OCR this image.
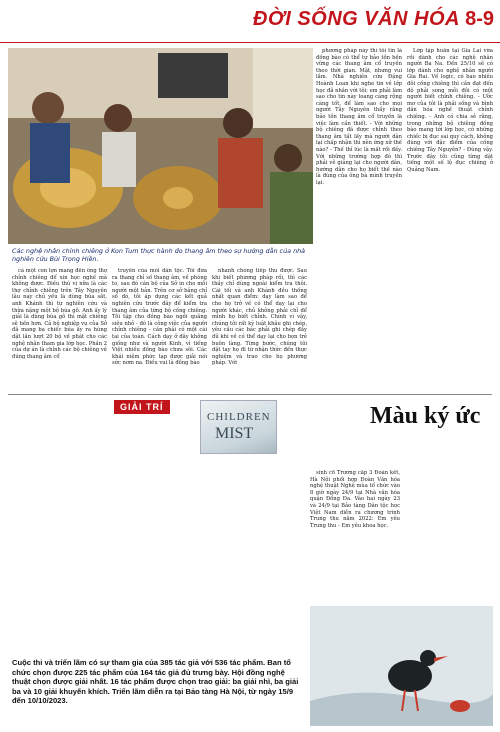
ĐỜI SỐNG VĂN HÓA 8-9
Các nghệ nhân chỉnh chiêng ở Kon Tum thực hành đo thang âm theo sự hướng dẫn của nhà nghiên cứu Bùi Trọng Hiền.

cả một con lợn mang đến ông thợ chỉnh chiêng để xin học nghề mà không được. Điều thú vị nữa là các thợ chỉnh chiêng trên Tây Nguyên lâu nay chủ yếu là dùng búa sắt, anh Khánh thì tự nghiên cứu và thừa nặng một bộ búa gỗ. Anh ấy lý giải là dùng búa gỗ thì mặt chiêng sẽ bền hơn. Cả bộ nghiệp vụ của Sở đã mang ba chiếc búa ấy ra hùng dật lần lượt 20 bộ về phát cho các nghệ nhân tham gia lớp học. Phần 2 của dự án là chỉnh các bộ chiêng về đúng thang âm cổ

truyền của mỗi dân tộc. Tôi đưa ra thang chỉ số thang âm, về phòng to, sau đó cán bộ của Sở in cho mỗi người một bản. Trên cơ sở bảng chỉ số đó, tôi áp dụng các kết quả nghiên cứu trước đây để kiểm tra thang âm của từng bộ cồng chiêng. Tôi tập cho đồng bào ngồi quãng siêu nhỏ - đó là công việc của người chỉnh chiêng - cần phải có một cái tai của toán. Cách dạy ở đây không giống như và người Kinh, vì tiếng Việt nhiều đồng bào chưa sõi. Các khái niệm phức tạp được giải nói sức nơm na. Điều vui là đồng bào

nhanh chóng tiếp thu được. Sau khi biết phương pháp rồi, thì các thầy chỉ dùng ngoài kiểm tra thôi. Cái tối và anh Khánh đều thống nhất quan điểm: dạy làm sao để cho họ trở về có thể dạy lại cho người khác, chủ không phải chỉ để mình họ biết chỉnh. Chính vì vậy, chúng tôi rất kỹ luật khâu ghi chép, yêu cầu các bác phải ghi chép đầy đủ khi về có thể dạy lại cho bọn trẻ buôn làng. Từng bước, chúng tôi dặt tay họ đi từ nhận thức đến thực nghiệm và trao cho họ phương pháp. Với

phương pháp này thì tôi tin là đồng bào có thể tự bảo tồn bền vững các thang âm cổ truyền theo thời gian. Mặt, nhưng vui lắm. Nhà nghiên cứu Đặng Hoành Loan khi nghe tin về lớp học đã nhắn với tôi: em phải làm sao cho tin này loang càng rộng càng tốt, để làm sao cho mọi người Tây Nguyên thấy rằng bảo tồn thang âm cổ truyền là việc làm cần thiết. - Với những bộ chiêng đã được chỉnh theo thang âm tất lấy mà người dân lại chấp nhận thì nên ứng xử thế nào? - Thế thì lúc là mất rồi đấy. Với những trường hợp đó thì phải vẽ giảng lại cho người dân, hướng dẫn cho họ biết thế nào là đúng của ông bà mình truyền lại.

Lớp tập huấn tại Gia Lai vừa rồi dành cho các nghệ nhân người Ba Na. Đến 25/10 sẽ có lớp dành cho nghệ nhân người Gia Rai. Về logic, có bao nhiêu đôi cồng chiêng thì cần đạt đến độ phải song mỗi đôi có một người biết chỉnh chiêng. - Ước mơ của tôi là phải sống và bình dân hóa nghề thuật chỉnh chiêng. - Anh có chia sẻ rằng, trong những bộ chiêng đồng bào mang tới lớp học, có những chiếc bị đục sai quy cách, không đúng với đặc điểm của cồng chiêng Tây Nguyên? - Đúng vậy. Trước đây tôi cũng từng dặt tiếng một số lộ đục chiêng ở Quảng Nam.

GIẢI TRÍ
CHILDREN
MIST
Cuộc thi và triển lãm có sự tham gia của 385 tác giả với 536 tác phẩm. Ban tổ chức chọn được 225 tác phẩm của 164 tác giả đủ trưng bày. Hội đồng nghệ thuật chọn được giải nhất. 16 tác phẩm được chọn trao giải: ba giải nhì, ba giải ba và 10 giải khuyến khích. Triển lãm diễn ra tại Bảo tàng Hà Nội, từ ngày 15/9 đến 10/10/2023.
Màu ký ức

sinh cổ Trường cấp 3 Đoàn kết, Hà Nội phối hợp Đoàn Văn hóa nghệ thuật Nghệ mùa tổ chức vào 8 giờ ngày 24/9 tại Nhà văn hóa quận Đống Đa. Vào hai ngày 23 và 24/9 tại Bảo tàng Dân tộc học Việt Nam diễn ra chương trình Trung thu năm 2022: Em yêu Trung thu - Em yêu khoa học.
